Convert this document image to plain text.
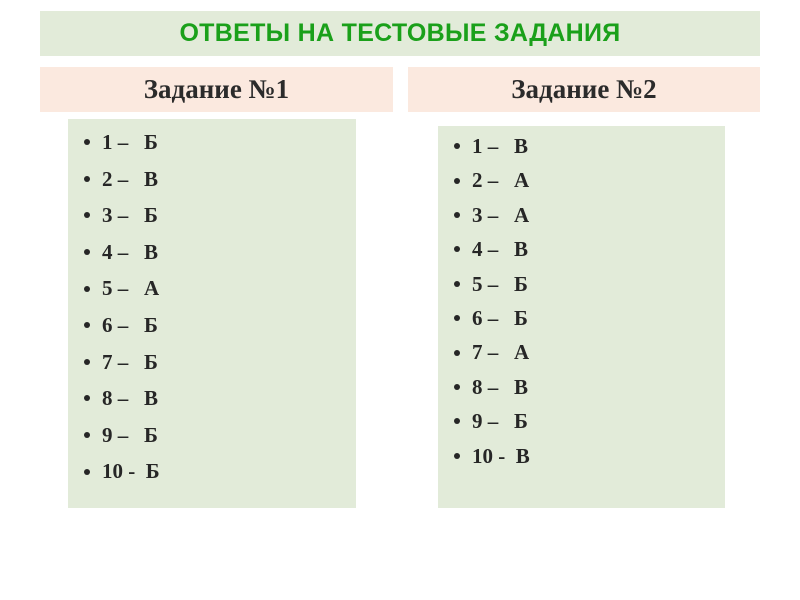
ОТВЕТЫ НА ТЕСТОВЫЕ ЗАДАНИЯ
Задание №1	Задание №2
1 –   Б
2 –   В
3 –   Б
4 –   В
5 –   А
6 –   Б
7 –   Б
8 –   В
9 –   Б
10 -  Б
1 –   В
2 –   А
3 –   А
4 –   В
5 –   Б
6 –   Б
7 –   А
8 –   В
9 –   Б
10 -  В
